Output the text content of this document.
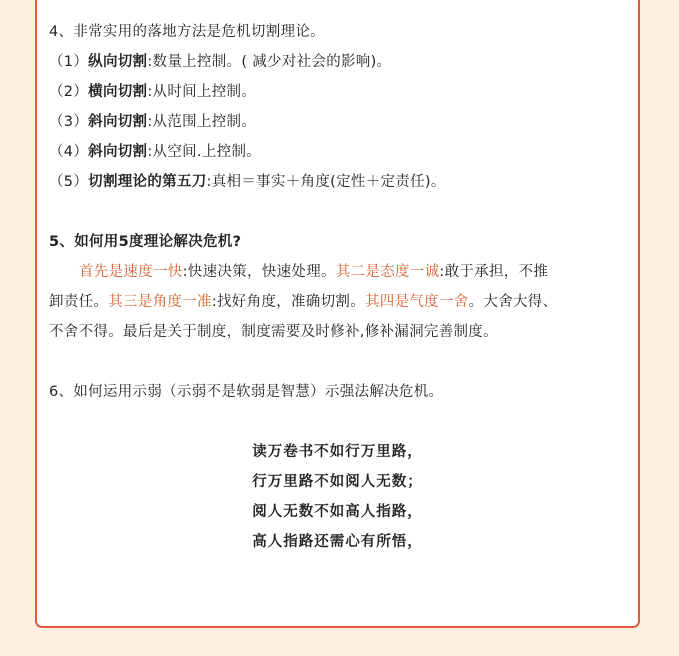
4、非常实用的落地方法是危机切割理论。
（1）纵向切割:数量上控制。( 减少对社会的影响)。
（2）横向切割:从时间上控制。
（3）斜向切割:从范围上控制。
（4）斜向切割:从空间.上控制。
（5）切割理论的第五刀:真相＝事实＋角度(定性＋定责任)。
5、如何用5度理论解决危机?
首先是速度一快:快速决策，快速处理。其二是态度一诚:敢于承担，不推
卸责任。其三是角度一准:找好角度，准确切割。其四是气度一舍。大舍大得、
不舍不得。最后是关于制度，制度需要及时修补,修补漏洞完善制度。
6、如何运用示弱（示弱不是软弱是智慧）示强法解决危机。
读万卷书不如行万里路，
行万里路不如阅人无数；
阅人无数不如高人指路，
高人指路还需心有所悟，
